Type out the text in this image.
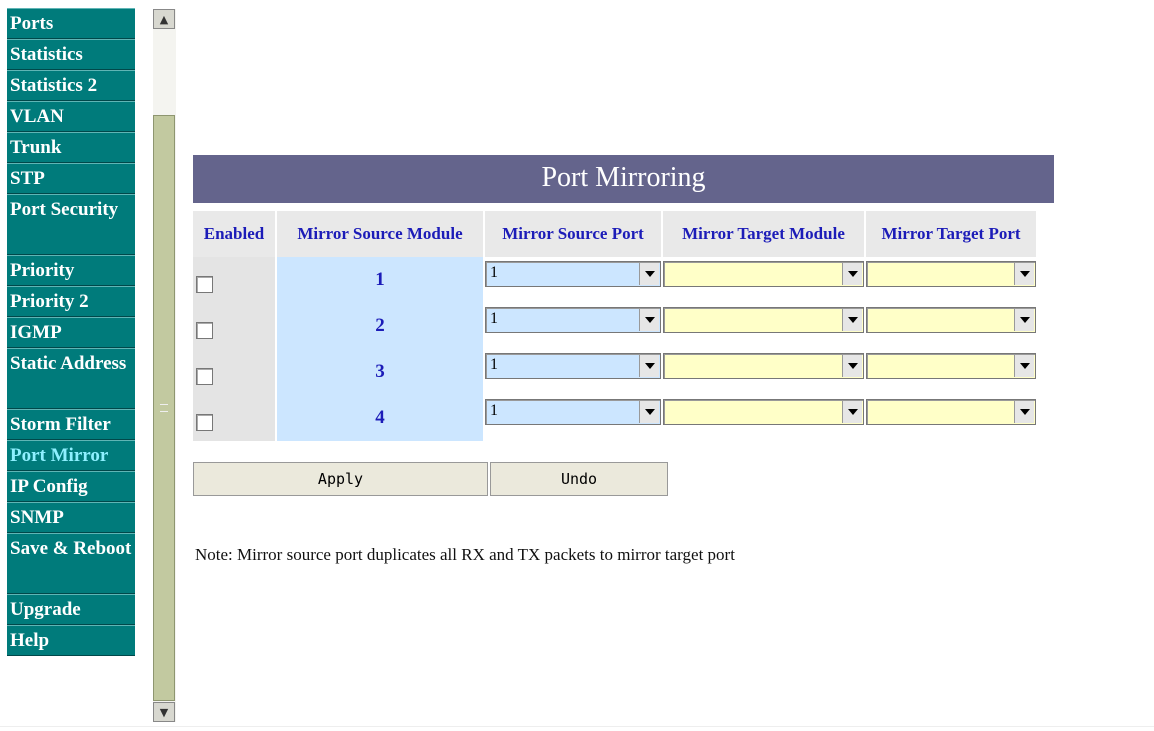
Ports
Statistics
Statistics 2
VLAN
Trunk
STP
Port Security
Priority
Priority 2
IGMP
Static Address
Storm Filter
Port Mirror
IP Config
SNMP
Save & Reboot
Upgrade
Help
▲
▼
Port Mirroring
Enabled	Mirror Source Module	Mirror Source Port	Mirror Target Module	Mirror Target Port

	1	1		

	2	1		

	3	1		

	4	1		

Apply	Undo
Note: Mirror source port duplicates all RX and TX packets to mirror target port
